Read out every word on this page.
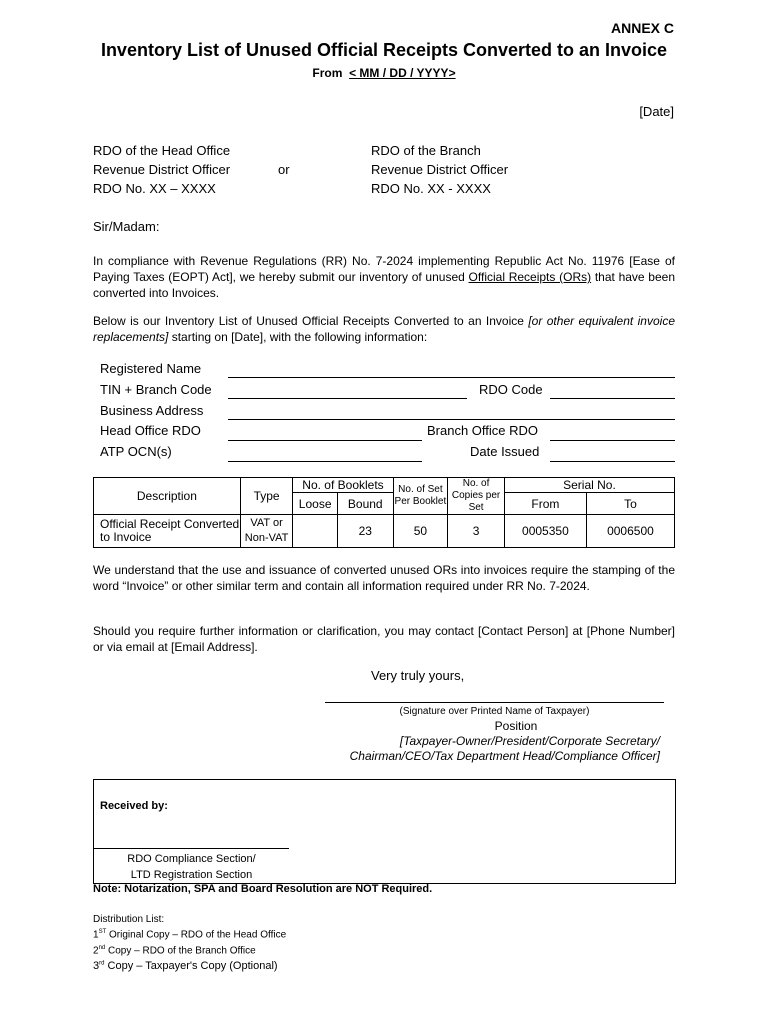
ANNEX C
Inventory List of Unused Official Receipts Converted to an Invoice
From < MM / DD / YYYY>
[Date]
RDO of the Head Office
Revenue District Officer
RDO No. XX – XXXX
or
RDO of the Branch
Revenue District Officer
RDO No. XX - XXXX
Sir/Madam:
In compliance with Revenue Regulations (RR) No. 7-2024 implementing Republic Act No. 11976 [Ease of Paying Taxes (EOPT) Act], we hereby submit our inventory of unused Official Receipts (ORs) that have been converted into Invoices.
Below is our Inventory List of Unused Official Receipts Converted to an Invoice [or other equivalent invoice replacements] starting on [Date], with the following information:
Registered Name
TIN + Branch Code	RDO Code
Business Address
Head Office RDO	Branch Office RDO
ATP OCN(s)	Date Issued
Description	Type	No. of Booklets		No. of Set Per Booklet	No. of Copies per Set	Serial No.	
		Loose	Bound			From	To
Official Receipt Converted to Invoice	VAT or Non-VAT		23	50	3	0005350	0006500
We understand that the use and issuance of converted unused ORs into invoices require the stamping of the word “Invoice” or other similar term and contain all information required under RR No. 7-2024.
Should you require further information or clarification, you may contact [Contact Person] at [Phone Number] or via email at [Email Address].
Very truly yours,
(Signature over Printed Name of Taxpayer)
Position
[Taxpayer-Owner/President/Corporate Secretary/
Chairman/CEO/Tax Department Head/Compliance Officer]
Received by:
RDO Compliance Section/
LTD Registration Section
Note: Notarization, SPA and Board Resolution are NOT Required.
Distribution List:
1ST Original Copy – RDO of the Head Office
2nd Copy – RDO of the Branch Office
3rd Copy – Taxpayer's Copy (Optional)
